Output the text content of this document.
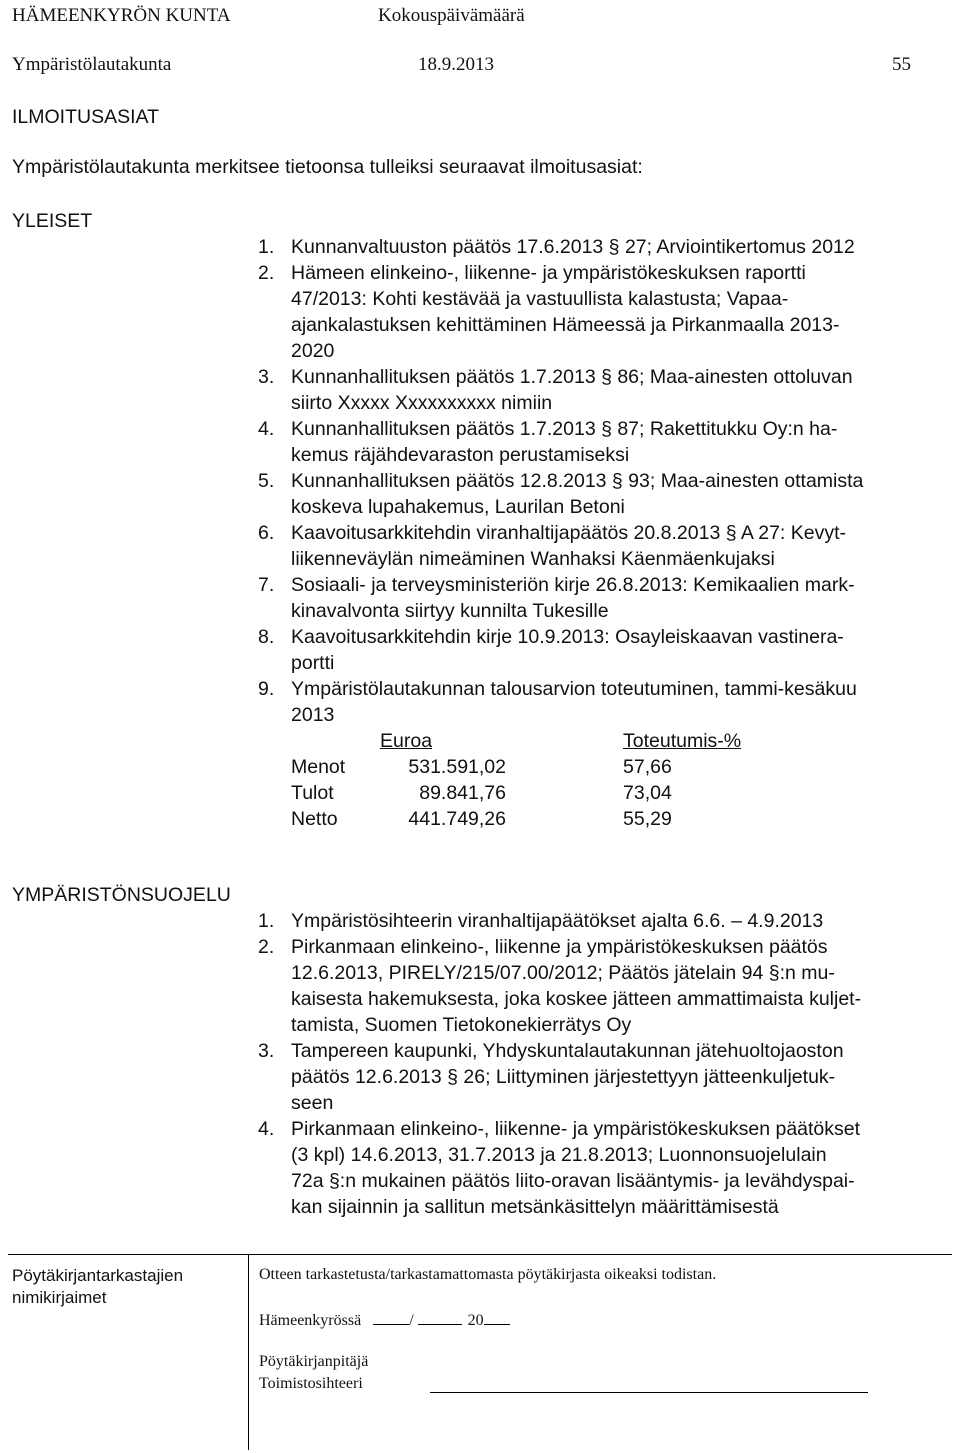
HÄMEENKYRÖN KUNTA	Kokouspäivämäärä
Ympäristölautakunta	18.9.2013	55
ILMOITUSASIAT
Ympäristölautakunta merkitsee tietoonsa tulleiksi seuraavat ilmoitusasiat:
YLEISET
1. Kunnanvaltuuston päätös 17.6.2013 § 27; Arviointikertomus 2012
2. Hämeen elinkeino-, liikenne- ja ympäristökeskuksen raportti
47/2013: Kohti kestävää ja vastuullista kalastusta; Vapaa-
ajankalastuksen kehittäminen Hämeessä ja Pirkanmaalla 2013-
2020
3. Kunnanhallituksen päätös 1.7.2013 § 86; Maa-ainesten ottoluvan
siirto Xxxxx Xxxxxxxxxx nimiin
4. Kunnanhallituksen päätös 1.7.2013 § 87; Rakettitukku Oy:n ha-
kemus räjähdevaraston perustamiseksi
5. Kunnanhallituksen päätös 12.8.2013 § 93; Maa-ainesten ottamista
koskeva lupahakemus, Laurilan Betoni
6. Kaavoitusarkkitehdin viranhaltijapäätös 20.8.2013 § A 27: Kevyt-
liikenneväylän nimeäminen Wanhaksi Käenmäenkujaksi
7. Sosiaali- ja terveysministeriön kirje 26.8.2013: Kemikaalien mark-
kinavalvonta siirtyy kunnilta Tukesille
8. Kaavoitusarkkitehdin kirje 10.9.2013: Osayleiskaavan vastinera-
portti
9. Ympäristölautakunnan talousarvion toteutuminen, tammi-kesäkuu
2013
Euroa	Toteutumis-%
Menot	531.591,02	57,66
Tulot	89.841,76	73,04
Netto	441.749,26	55,29
YMPÄRISTÖNSUOJELU
1. Ympäristösihteerin viranhaltijapäätökset ajalta 6.6. – 4.9.2013
2. Pirkanmaan elinkeino-, liikenne ja ympäristökeskuksen päätös
12.6.2013, PIRELY/215/07.00/2012; Päätös jätelain 94 §:n mu-
kaisesta hakemuksesta, joka koskee jätteen ammattimaista kuljet-
tamista, Suomen Tietokonekierrätys Oy
3. Tampereen kaupunki, Yhdyskuntalautakunnan jätehuoltojaoston
päätös 12.6.2013 § 26; Liittyminen järjestettyyn jätteenkuljetuk-
seen
4. Pirkanmaan elinkeino-, liikenne- ja ympäristökeskuksen päätökset
(3 kpl) 14.6.2013, 31.7.2013 ja 21.8.2013; Luonnonsuojelulain
72a §:n mukainen päätös liito-oravan lisääntymis- ja levähdyspai-
kan sijainnin ja sallitun metsänkäsittelyn määrittämisestä
Pöytäkirjantarkastajien
nimikirjaimet
Otteen tarkastetusta/tarkastamattomasta pöytäkirjasta oikeaksi todistan.
Hämeenkyrössä	/	20
Pöytäkirjanpitäjä
Toimistosihteeri
